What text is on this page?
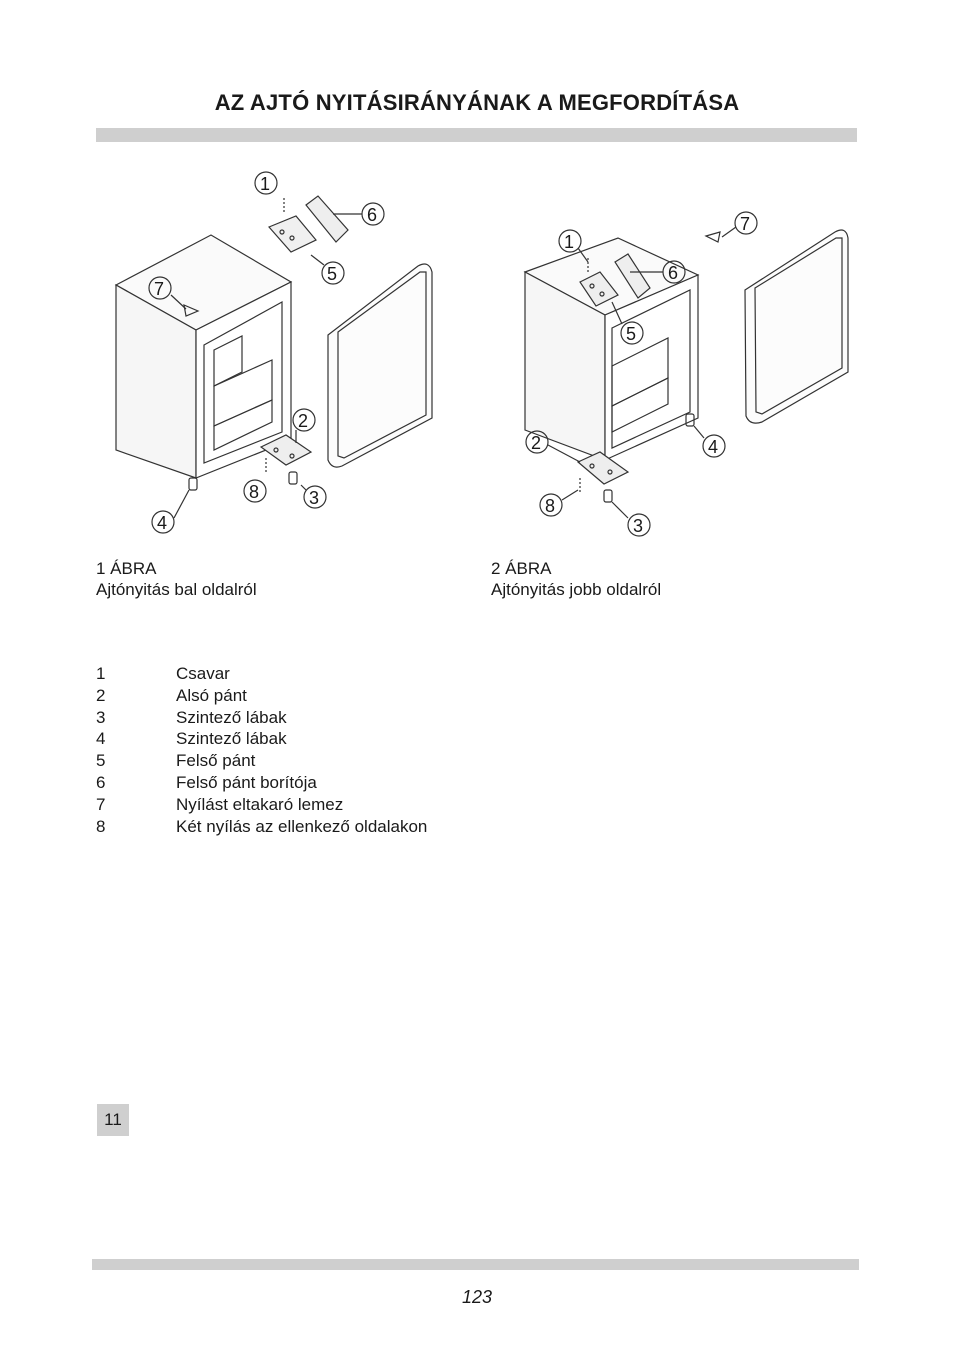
AZ AJTÓ NYITÁSIRÁNYÁNAK A MEGFORDÍTÁSA
1
6
5
7
2
8	3
4
1
7
6
5
2	4
8
3
1 ÁBRA
Ajtónyitás bal oldalról
2 ÁBRA
Ajtónyitás jobb oldalról
1	Csavar
2	Alsó pánt
3	Szintező lábak
4	Szintező lábak
5	Felső pánt
6	Felső pánt borítója
7	Nyílást eltakaró lemez
8	Két nyílás az ellenkező oldalakon
11
123
